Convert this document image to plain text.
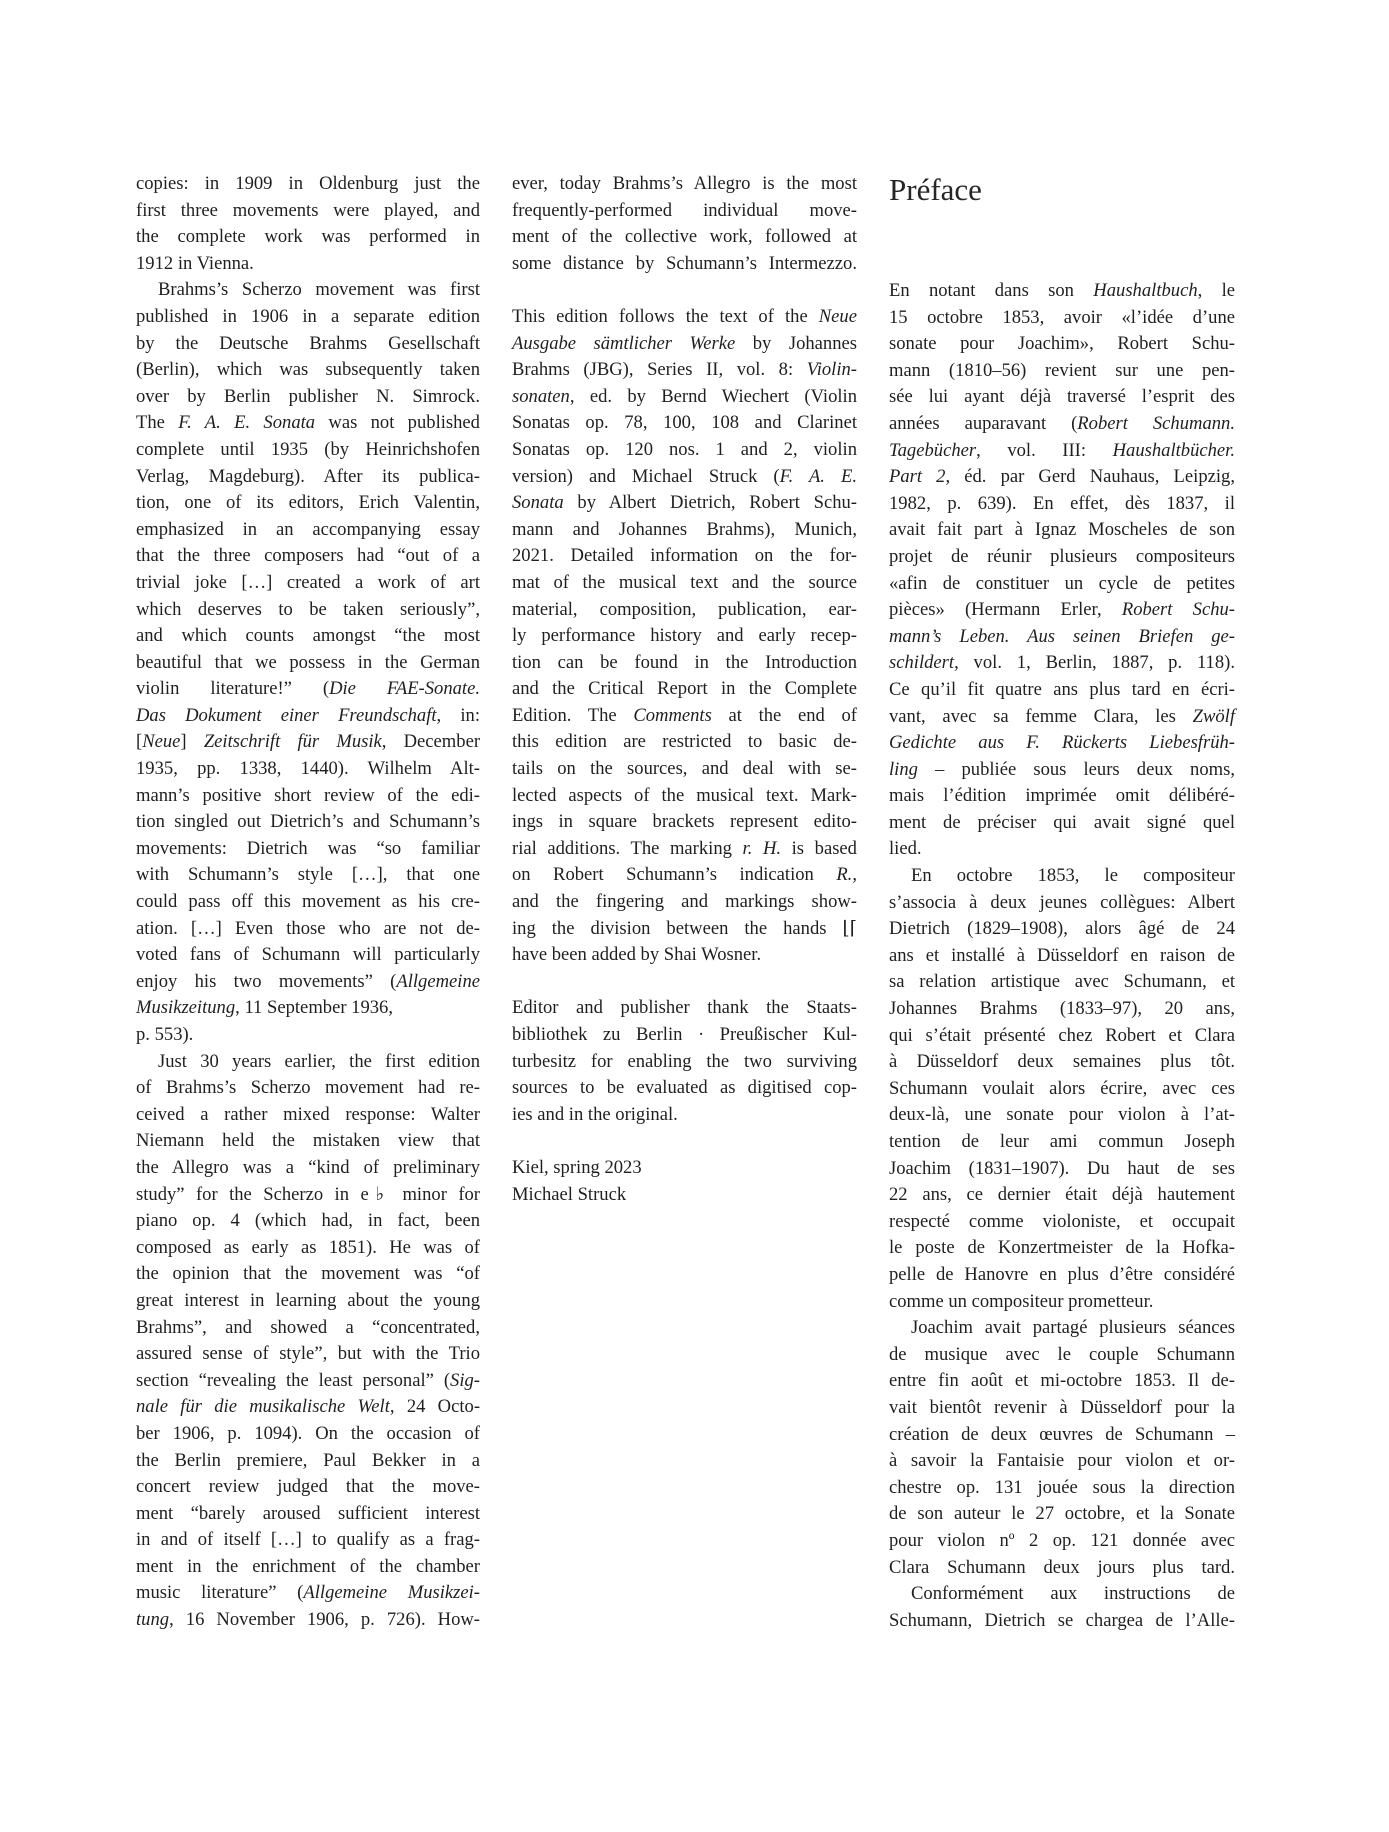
copies: in 1909 in Oldenburg just the
first three movements were played, and
the complete work was performed in
1912 in Vienna.
Brahms’s Scherzo movement was first
published in 1906 in a separate edition
by the Deutsche Brahms Gesellschaft
(Berlin), which was subsequently taken
over by Berlin publisher N. Simrock.
The F. A. E. Sonata was not published
complete until 1935 (by Heinrichshofen
Verlag, Magdeburg). After its publica-
tion, one of its editors, Erich Valentin,
emphasized in an accompanying essay
that the three composers had “out of a
trivial joke […] created a work of art
which deserves to be taken seriously”,
and which counts amongst “the most
beautiful that we possess in the German
violin literature!” (Die FAE-Sonate.
Das Dokument einer Freundschaft, in:
[Neue] Zeitschrift für Musik, December
1935, pp. 1338, 1440). Wilhelm Alt-
mann’s positive short review of the edi-
tion singled out Dietrich’s and Schumann’s
movements: Dietrich was “so familiar
with Schumann’s style […], that one
could pass off this movement as his cre-
ation. […] Even those who are not de-
voted fans of Schumann will particularly
enjoy his two movements” (Allgemeine
Musikzeitung, 11 September 1936,
p. 553).
Just 30 years earlier, the first edition
of Brahms’s Scherzo movement had re-
ceived a rather mixed response: Walter
Niemann held the mistaken view that
the Allegro was a “kind of preliminary
study” for the Scherzo in e♭ minor for
piano op. 4 (which had, in fact, been
composed as early as 1851). He was of
the opinion that the movement was “of
great interest in learning about the young
Brahms”, and showed a “concentrated,
assured sense of style”, but with the Trio
section “revealing the least personal” (Sig-
nale für die musikalische Welt, 24 Octo-
ber 1906, p. 1094). On the occasion of
the Berlin premiere, Paul Bekker in a
concert review judged that the move-
ment “barely aroused sufficient interest
in and of itself […] to qualify as a frag-
ment in the enrichment of the chamber
music literature” (Allgemeine Musikzei-
tung, 16 November 1906, p. 726). How-
ever, today Brahms’s Allegro is the most
frequently-performed individual move-
ment of the collective work, followed at
some distance by Schumann’s Intermezzo.
This edition follows the text of the Neue
Ausgabe sämtlicher Werke by Johannes
Brahms (JBG), Series II, vol. 8: Violin-
sonaten, ed. by Bernd Wiechert (Violin
Sonatas op. 78, 100, 108 and Clarinet
Sonatas op. 120 nos. 1 and 2, violin
version) and Michael Struck (F. A. E.
Sonata by Albert Dietrich, Robert Schu-
mann and Johannes Brahms), Munich,
2021. Detailed information on the for-
mat of the musical text and the source
material, composition, publication, ear-
ly performance history and early recep-
tion can be found in the Introduction
and the Critical Report in the Complete
Edition. The Comments at the end of
this edition are restricted to basic de-
tails on the sources, and deal with se-
lected aspects of the musical text. Mark-
ings in square brackets represent edito-
rial additions. The marking r. H. is based
on Robert Schumann’s indication R.,
and the fingering and markings show-
ing the division between the hands ⌊⌈
have been added by Shai Wosner.
Editor and publisher thank the Staats-
bibliothek zu Berlin · Preußischer Kul-
turbesitz for enabling the two surviving
sources to be evaluated as digitised cop-
ies and in the original.
Kiel, spring 2023
Michael Struck
Préface
En notant dans son Haushaltbuch, le
15 octobre 1853, avoir «l’idée d’une
sonate pour Joachim», Robert Schu-
mann (1810–56) revient sur une pen-
sée lui ayant déjà traversé l’esprit des
années auparavant (Robert Schumann.
Tagebücher, vol. III: Haushaltbücher.
Part 2, éd. par Gerd Nauhaus, Leipzig,
1982, p. 639). En effet, dès 1837, il
avait fait part à Ignaz Moscheles de son
projet de réunir plusieurs compositeurs
«afin de constituer un cycle de petites
pièces» (Hermann Erler, Robert Schu-
mann’s Leben. Aus seinen Briefen ge-
schildert, vol. 1, Berlin, 1887, p. 118).
Ce qu’il fit quatre ans plus tard en écri-
vant, avec sa femme Clara, les Zwölf
Gedichte aus F. Rückerts Liebesfrüh-
ling – publiée sous leurs deux noms,
mais l’édition imprimée omit délibéré-
ment de préciser qui avait signé quel
lied.
En octobre 1853, le compositeur
s’associa à deux jeunes collègues: Albert
Dietrich (1829–1908), alors âgé de 24
ans et installé à Düsseldorf en raison de
sa relation artistique avec Schumann, et
Johannes Brahms (1833–97), 20 ans,
qui s’était présenté chez Robert et Clara
à Düsseldorf deux semaines plus tôt.
Schumann voulait alors écrire, avec ces
deux-là, une sonate pour violon à l’at-
tention de leur ami commun Joseph
Joachim (1831–1907). Du haut de ses
22 ans, ce dernier était déjà hautement
respecté comme violoniste, et occupait
le poste de Konzertmeister de la Hofka-
pelle de Hanovre en plus d’être considéré
comme un compositeur prometteur.
Joachim avait partagé plusieurs séances
de musique avec le couple Schumann
entre fin août et mi-octobre 1853. Il de-
vait bientôt revenir à Düsseldorf pour la
création de deux œuvres de Schumann –
à savoir la Fantaisie pour violon et or-
chestre op. 131 jouée sous la direction
de son auteur le 27 octobre, et la Sonate
pour violon nº 2 op. 121 donnée avec
Clara Schumann deux jours plus tard.
Conformément aux instructions de
Schumann, Dietrich se chargea de l’Alle-
